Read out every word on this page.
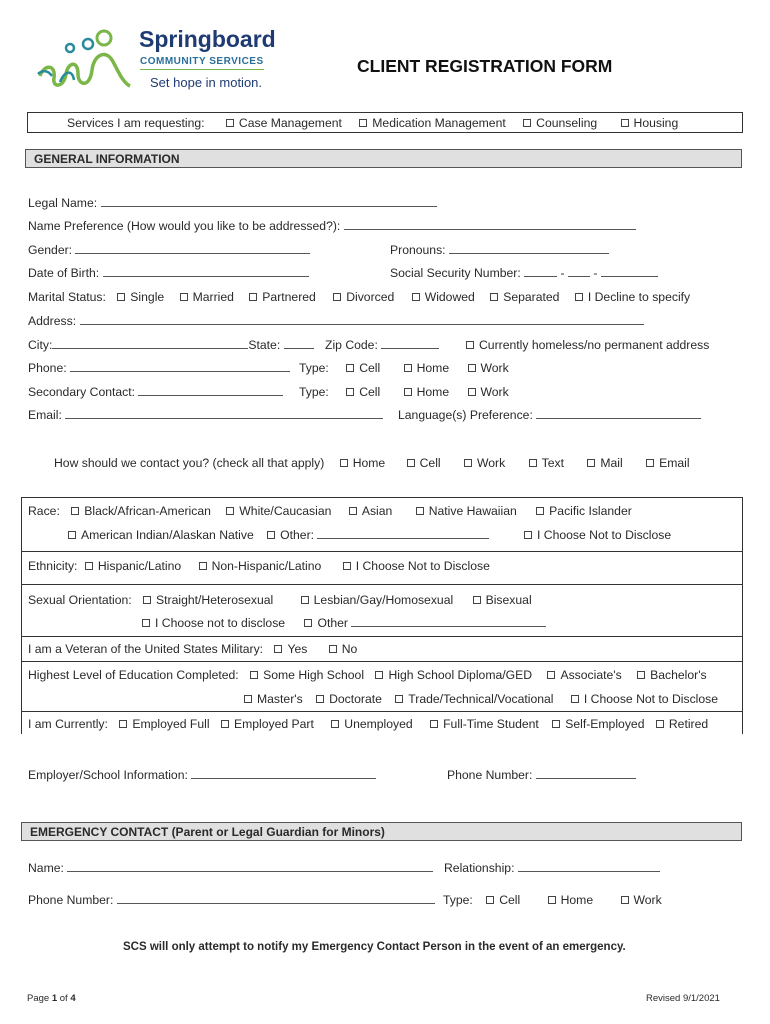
Springboard
COMMUNITY SERVICES
Set hope in motion.
CLIENT REGISTRATION FORM
Services I am requesting:	Case Management Medication Management Counseling	Housing
GENERAL INFORMATION
Legal Name:
Name Preference (How would you like to be addressed?):
Gender:	Pronouns:
Date of Birth:	Social Security Number:	- -
Marital Status: Single Married Partnered Divorced Widowed Separated I Decline to specify
Address:
City:	State:	Zip Code:	Currently homeless/no permanent address
Phone:	Type: Cell	Home	Work
Secondary Contact:	Type: Cell	Home	Work
Email:	Language(s) Preference:
How should we contact you? (check all that apply) Home	Cell	Work	Text	Mail	Email
Race: Black/African-American White/Caucasian Asian	Native Hawaiian	Pacific Islander
American Indian/Alaskan Native Other:	I Choose Not to Disclose
Ethnicity: Hispanic/Latino Non-Hispanic/Latino	I Choose Not to Disclose
Sexual Orientation: Straight/Heterosexual	Lesbian/Gay/Homosexual	Bisexual
I Choose not to disclose	Other
I am a Veteran of the United States Military: Yes	No
Highest Level of Education Completed: Some High School High School Diploma/GED Associate's Bachelor's
Master's Doctorate Trade/Technical/Vocational I Choose Not to Disclose
I am Currently: Employed Full Employed Part Unemployed Full-Time Student Self-Employed Retired
Employer/School Information:	Phone Number:
EMERGENCY CONTACT (Parent or Legal Guardian for Minors)
Name:	Relationship:
Phone Number:	Type: Cell	Home	Work
SCS will only attempt to notify my Emergency Contact Person in the event of an emergency.
Page 1 of 4	Revised 9/1/2021
